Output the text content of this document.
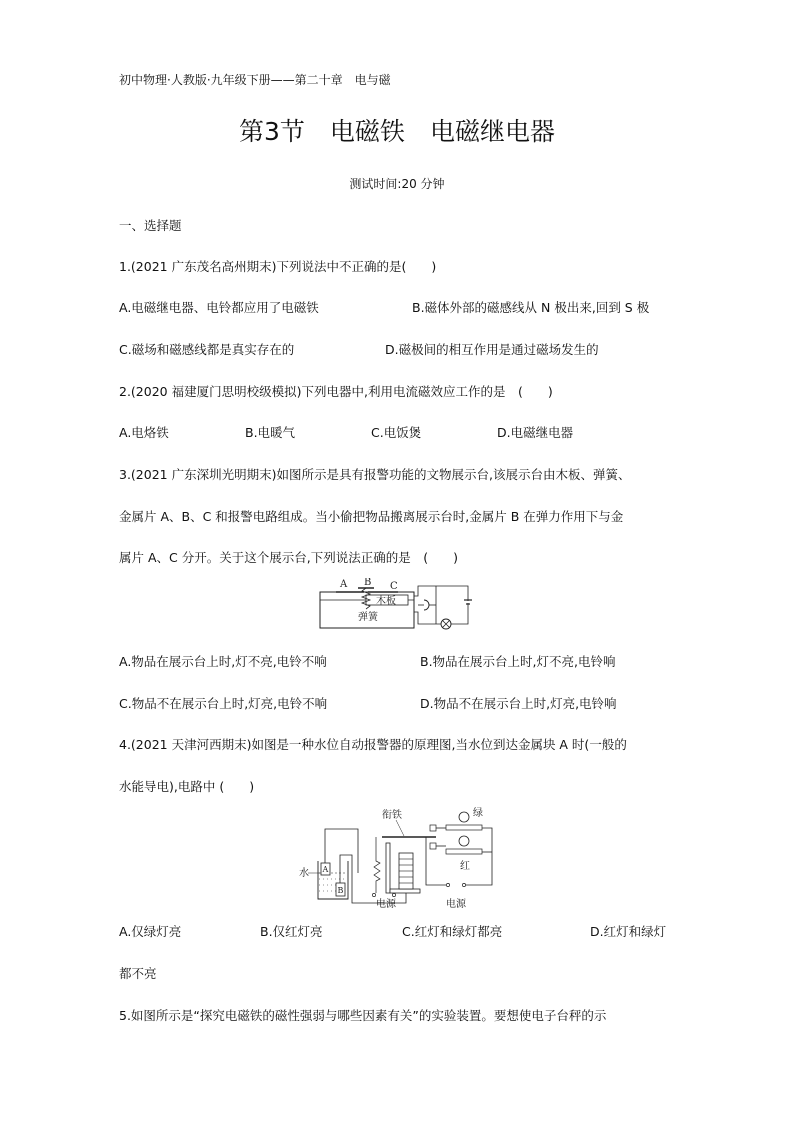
初中物理·人教版·九年级下册——第二十章　电与磁
第3节　电磁铁　电磁继电器
测试时间:20 分钟
一、选择题
1.(2021 广东茂名高州期末)下列说法中不正确的是(　　)
A.电磁继电器、电铃都应用了电磁铁	B.磁体外部的磁感线从 N 极出来,回到 S 极
C.磁场和磁感线都是真实存在的	D.磁极间的相互作用是通过磁场发生的
2.(2020 福建厦门思明校级模拟)下列电器中,利用电流磁效应工作的是　(　　)
A.电烙铁	B.电暖气	C.电饭煲	D.电磁继电器
3.(2021 广东深圳光明期末)如图所示是具有报警功能的文物展示台,该展示台由木板、弹簧、
金属片 A、B、C 和报警电路组成。当小偷把物品搬离展示台时,金属片 B 在弹力作用下与金
属片 A、C 分开。关于这个展示台,下列说法正确的是　(　　)
A B C
木板
弹簧
A.物品在展示台上时,灯不亮,电铃不响	B.物品在展示台上时,灯不亮,电铃响
C.物品不在展示台上时,灯亮,电铃不响	D.物品不在展示台上时,灯亮,电铃响
4.(2021 天津河西期末)如图是一种水位自动报警器的原理图,当水位到达金属块 A 时(一般的
水能导电),电路中 (　　)
A
B
水
衔铁	绿
红
电源
电源
A.仅绿灯亮	B.仅红灯亮	C.红灯和绿灯都亮	D.红灯和绿灯
都不亮
5.如图所示是“探究电磁铁的磁性强弱与哪些因素有关”的实验装置。要想使电子台秤的示
